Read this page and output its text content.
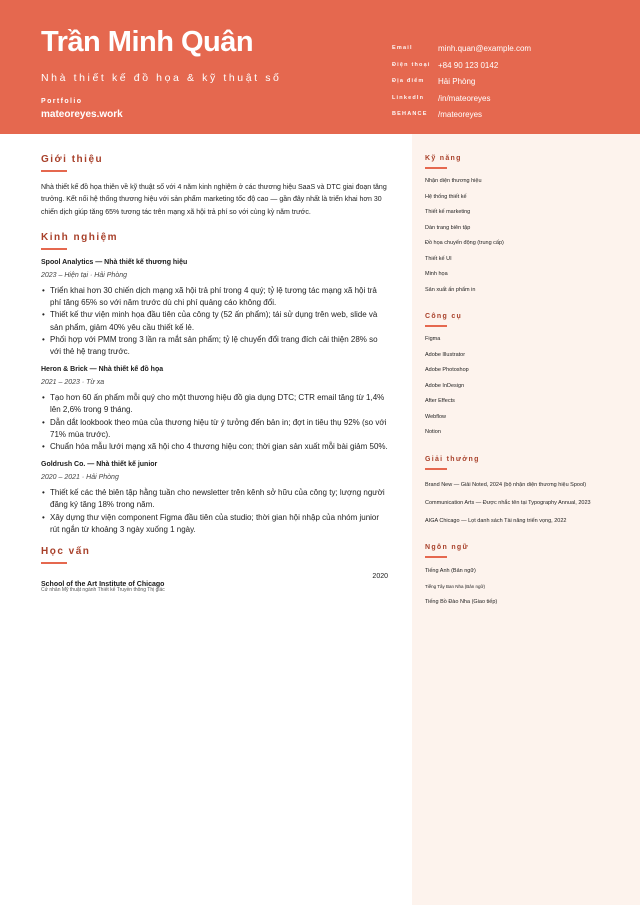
Trần Minh Quân
Nhà thiết kế đồ họa & kỹ thuật số
Portfolio
mateoreyes.work
Email	minh.quan@example.com
Điện thoại +84 90 123 0142
Địa điểm Hải Phòng
LinkedIn /in/mateoreyes
BEHANCE /mateoreyes
Giới thiệu
Nhà thiết kế đồ họa thiên về kỹ thuật số với 4 năm kinh nghiệm ở các thương hiệu SaaS và DTC giai đoạn tăng trưởng. Kết nối hệ thống thương hiệu với sản phẩm marketing tốc độ cao — gần đây nhất là triển khai hơn 30 chiến dịch giúp tăng 65% tương tác trên mạng xã hội trả phí so với cùng kỳ năm trước.
Kinh nghiệm
Spool Analytics — Nhà thiết kế thương hiệu
2023 – Hiện tại · Hải Phòng
• Triển khai hơn 30 chiến dịch mạng xã hội trả phí trong 4 quý; tỷ lệ tương tác mạng xã hội trả phí tăng 65% so với năm trước dù chi phí quảng cáo không đổi.
• Thiết kế thư viện minh họa đầu tiên của công ty (52 ấn phẩm); tái sử dụng trên web, slide và sản phẩm, giảm 40% yêu cầu thiết kế lẻ.
• Phối hợp với PMM trong 3 lần ra mắt sản phẩm; tỷ lệ chuyển đổi trang đích cải thiện 28% so với thẻ hệ trang trước.
Heron & Brick — Nhà thiết kế đồ họa
2021 – 2023 · Từ xa
• Tạo hơn 60 ấn phẩm mỗi quý cho một thương hiệu đồ gia dụng DTC; CTR email tăng từ 1,4% lên 2,6% trong 9 tháng.
• Dẫn dắt lookbook theo mùa của thương hiệu từ ý tưởng đến bản in; đợt in tiêu thụ 92% (so với 71% mùa trước).
• Chuẩn hóa mẫu lưới mạng xã hội cho 4 thương hiệu con; thời gian sản xuất mỗi bài giảm 50%.
Goldrush Co. — Nhà thiết kế junior
2020 – 2021 · Hải Phòng
• Thiết kế các thẻ biên tập hằng tuần cho newsletter trên kênh sở hữu của công ty; lượng người đăng ký tăng 18% trong năm.
• Xây dựng thư viện component Figma đầu tiên của studio; thời gian hội nhập của nhóm junior rút ngắn từ khoảng 3 ngày xuống 1 ngày.
Học vấn
School of the Art Institute of Chicago
2020
Cử nhân Mỹ thuật ngành Thiết kế Truyền thông Thị giác
Kỹ năng
Nhận diện thương hiệu
Hệ thống thiết kế
Thiết kế marketing
Dàn trang biên tập
Đồ họa chuyển động (trung cấp)
Thiết kế UI
Minh họa
Sản xuất ấn phẩm in
Công cụ
Figma
Adobe Illustrator
Adobe Photoshop
Adobe InDesign
After Effects
Webflow
Notion
Giải thưởng
Brand New — Giải Noted, 2024 (bộ nhận diện thương hiệu Spool)
Communication Arts — Được nhắc tên tại Typography Annual, 2023
AIGA Chicago — Lọt danh sách Tài năng triển vọng, 2022
Ngôn ngữ
Tiếng Anh (Bản ngữ)
Tiếng Tây Ban Nha (Bản ngữ)
Tiếng Bồ Đào Nha (Giao tiếp)
